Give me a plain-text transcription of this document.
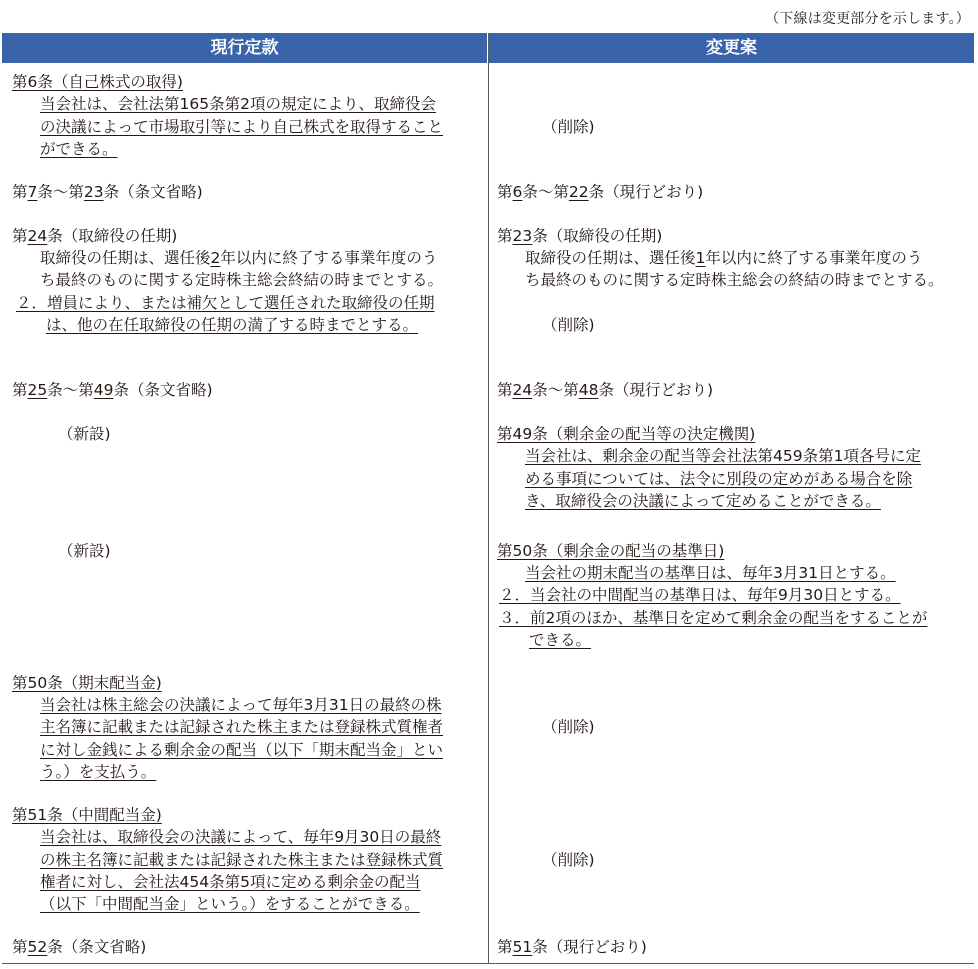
（下線は変更部分を示します。）
現行定款	変更案
第6条（自己株式の取得)
当会社は、会社法第165条第2項の規定により、取締役会
の決議によって市場取引等により自己株式を取得すること
ができる。
第7条～第23条（条文省略)
第24条（取締役の任期)
取締役の任期は、選任後2年以内に終了する事業年度のう
ち最終のものに関する定時株主総会終結の時までとする。
２．増員により、または補欠として選任された取締役の任期
は、他の在任取締役の任期の満了する時までとする。
第25条～第49条（条文省略)
（新設)
（新設)
第50条（期末配当金)
当会社は株主総会の決議によって毎年3月31日の最終の株
主名簿に記載または記録された株主または登録株式質権者
に対し金銭による剰余金の配当（以下「期末配当金」とい
う。）を支払う。
第51条（中間配当金)
当会社は、取締役会の決議によって、毎年9月30日の最終
の株主名簿に記載または記録された株主または登録株式質
権者に対し、会社法454条第5項に定める剰余金の配当
（以下「中間配当金」という。）をすることができる。
第52条（条文省略)
（削除)
第6条～第22条（現行どおり)
第23条（取締役の任期)
取締役の任期は、選任後1年以内に終了する事業年度のう
ち最終のものに関する定時株主総会の終結の時までとする。
（削除)
第24条～第48条（現行どおり)
第49条（剰余金の配当等の決定機関)
当会社は、剰余金の配当等会社法第459条第1項各号に定
める事項については、法令に別段の定めがある場合を除
き、取締役会の決議によって定めることができる。
第50条（剰余金の配当の基準日)
当会社の期末配当の基準日は、毎年3月31日とする。
２．当会社の中間配当の基準日は、毎年9月30日とする。
３．前2項のほか、基準日を定めて剰余金の配当をすることが
できる。
（削除)
（削除)
第51条（現行どおり)
